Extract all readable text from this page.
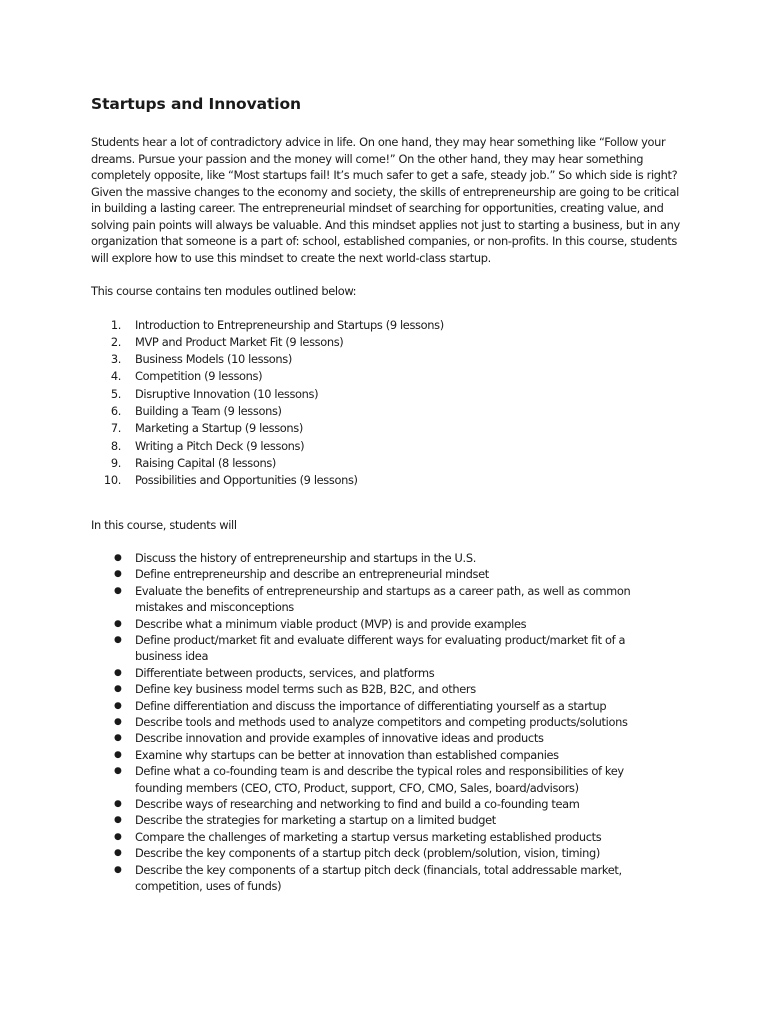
Startups and Innovation

Students hear a lot of contradictory advice in life. On one hand, they may hear something like “Follow your dreams. Pursue your passion and the money will come!” On the other hand, they may hear something completely opposite, like “Most startups fail! It’s much safer to get a safe, steady job.” So which side is right? Given the massive changes to the economy and society, the skills of entrepreneurship are going to be critical in building a lasting career. The entrepreneurial mindset of searching for opportunities, creating value, and solving pain points will always be valuable. And this mindset applies not just to starting a business, but in any organization that someone is a part of: school, established companies, or non-profits. In this course, students will explore how to use this mindset to create the next world-class startup.

This course contains ten modules outlined below:

1. Introduction to Entrepreneurship and Startups (9 lessons)
2. MVP and Product Market Fit (9 lessons)
3. Business Models (10 lessons)
4. Competition (9 lessons)
5. Disruptive Innovation (10 lessons)
6. Building a Team (9 lessons)
7. Marketing a Startup (9 lessons)
8. Writing a Pitch Deck (9 lessons)
9. Raising Capital (8 lessons)
10. Possibilities and Opportunities (9 lessons)

In this course, students will

● Discuss the history of entrepreneurship and startups in the U.S.
● Define entrepreneurship and describe an entrepreneurial mindset
● Evaluate the benefits of entrepreneurship and startups as a career path, as well as common mistakes and misconceptions
● Describe what a minimum viable product (MVP) is and provide examples
● Define product/market fit and evaluate different ways for evaluating product/market fit of a business idea
● Differentiate between products, services, and platforms
● Define key business model terms such as B2B, B2C, and others
● Define differentiation and discuss the importance of differentiating yourself as a startup
● Describe tools and methods used to analyze competitors and competing products/solutions
● Describe innovation and provide examples of innovative ideas and products
● Examine why startups can be better at innovation than established companies
● Define what a co-founding team is and describe the typical roles and responsibilities of key founding members (CEO, CTO, Product, support, CFO, CMO, Sales, board/advisors)
● Describe ways of researching and networking to find and build a co-founding team
● Describe the strategies for marketing a startup on a limited budget
● Compare the challenges of marketing a startup versus marketing established products
● Describe the key components of a startup pitch deck (problem/solution, vision, timing)
● Describe the key components of a startup pitch deck (financials, total addressable market, competition, uses of funds)
